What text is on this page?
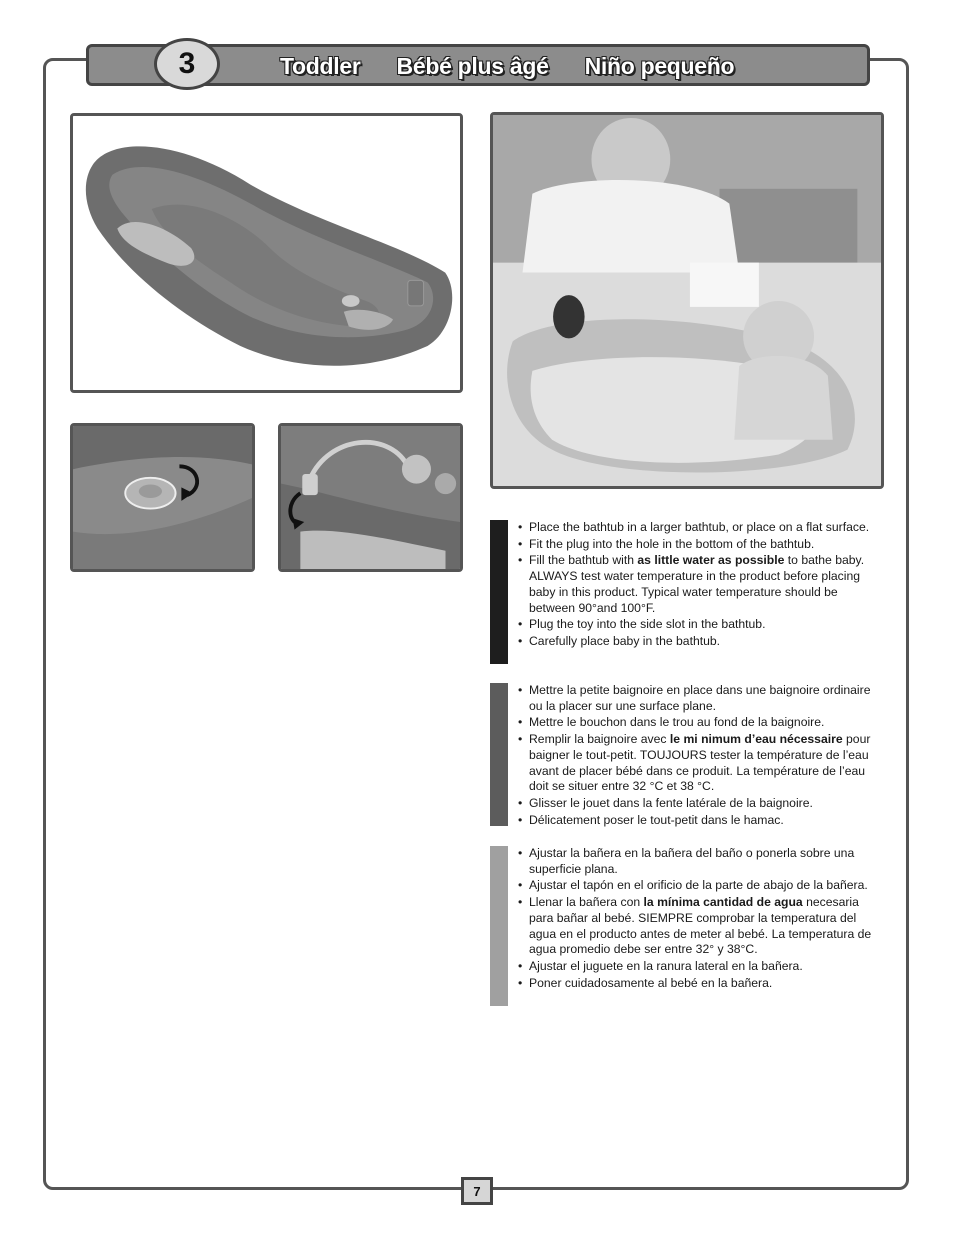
3	Toddler Bébé plus âgé Niño pequeño
• Place the bathtub in a larger bathtub, or place on a flat surface.
• Fit the plug into the hole in the bottom of the bathtub.
• Fill the bathtub with as little water as possible to bathe baby. ALWAYS test water temperature in the product before placing baby in this product. Typical water temperature should be between 90°and 100°F.
• Plug the toy into the side slot in the bathtub.
• Carefully place baby in the bathtub.
• Mettre la petite baignoire en place dans une baignoire ordinaire ou la placer sur une surface plane.
• Mettre le bouchon dans le trou au fond de la baignoire.
• Remplir la baignoire avec le mi nimum d’eau nécessaire pour baigner le tout-petit. TOUJOURS tester la température de l’eau avant de placer bébé dans ce produit. La température de l’eau doit se situer entre 32 °C et 38 °C.
• Glisser le jouet dans la fente latérale de la baignoire.
• Délicatement poser le tout-petit dans le hamac.
• Ajustar la bañera en la bañera del baño o ponerla sobre una superficie plana.
• Ajustar el tapón en el orificio de la parte de abajo de la bañera.
• Llenar la bañera con la mínima cantidad de agua necesaria para bañar al bebé. SIEMPRE comprobar la temperatura del agua en el producto antes de meter al bebé. La temperatura de agua promedio debe ser entre 32° y 38°C.
• Ajustar el juguete en la ranura lateral en la bañera.
• Poner cuidadosamente al bebé en la bañera.
7
